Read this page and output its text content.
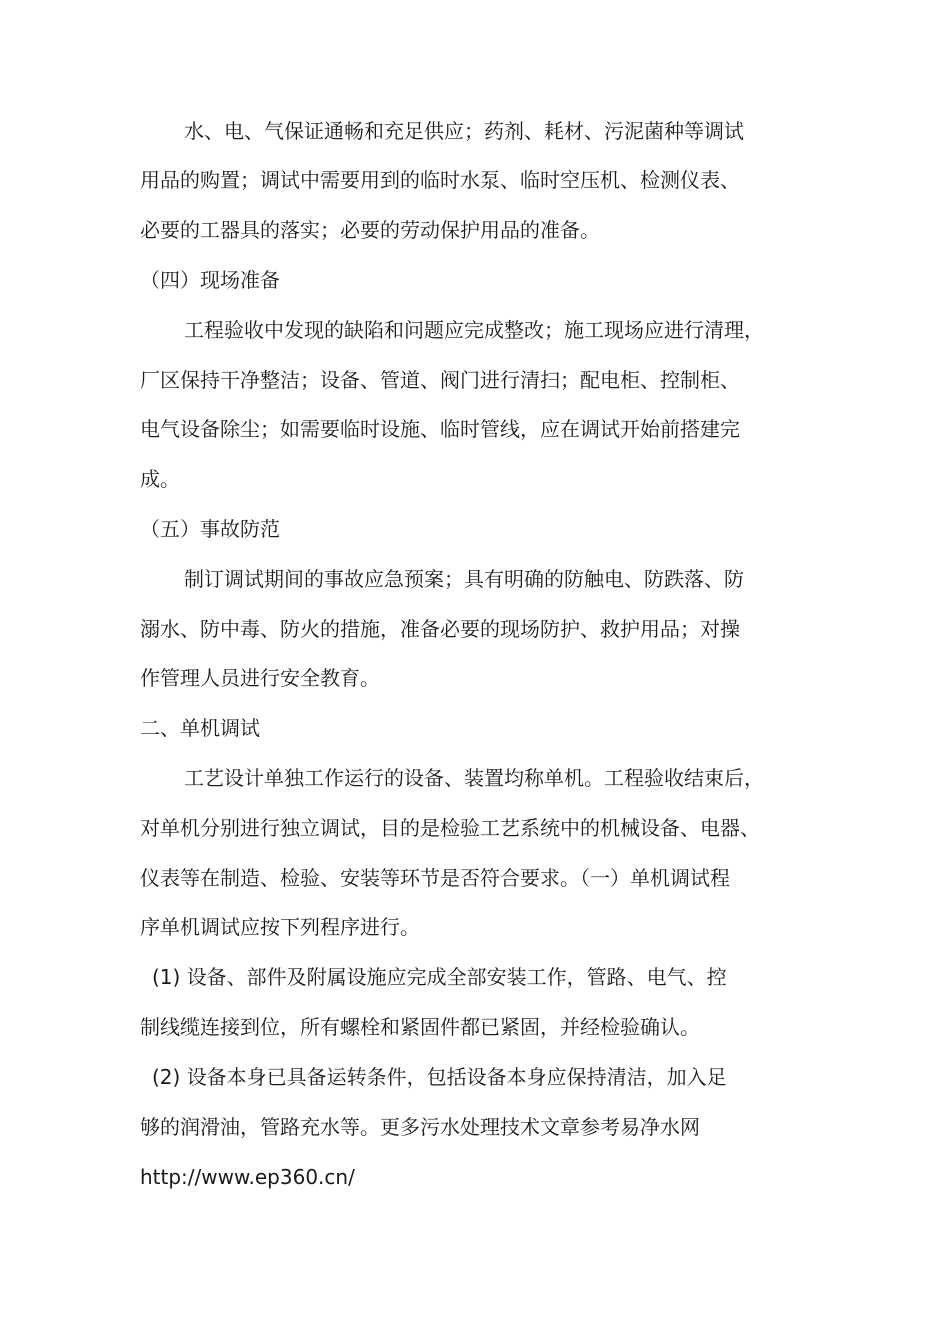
水、电、气保证通畅和充足供应；药剂、耗材、污泥菌种等调试
用品的购置；调试中需要用到的临时水泵、临时空压机、检测仪表、
必要的工器具的落实；必要的劳动保护用品的准备。
（四）现场准备
工程验收中发现的缺陷和问题应完成整改；施工现场应进行清理，
厂区保持干净整洁；设备、管道、阀门进行清扫；配电柜、控制柜、
电气设备除尘；如需要临时设施、临时管线，应在调试开始前搭建完
成。
（五）事故防范
制订调试期间的事故应急预案；具有明确的防触电、防跌落、防
溺水、防中毒、防火的措施，准备必要的现场防护、救护用品；对操
作管理人员进行安全教育。
二、单机调试
工艺设计单独工作运行的设备、装置均称单机。工程验收结束后，
对单机分别进行独立调试，目的是检验工艺系统中的机械设备、电器、
仪表等在制造、检验、安装等环节是否符合要求。（一）单机调试程
序单机调试应按下列程序进行。
(1) 设备、部件及附属设施应完成全部安装工作，管路、电气、控
制线缆连接到位，所有螺栓和紧固件都已紧固，并经检验确认。
(2) 设备本身已具备运转条件，包括设备本身应保持清洁，加入足
够的润滑油，管路充水等。更多污水处理技术文章参考易净水网
http://www.ep360.cn/
